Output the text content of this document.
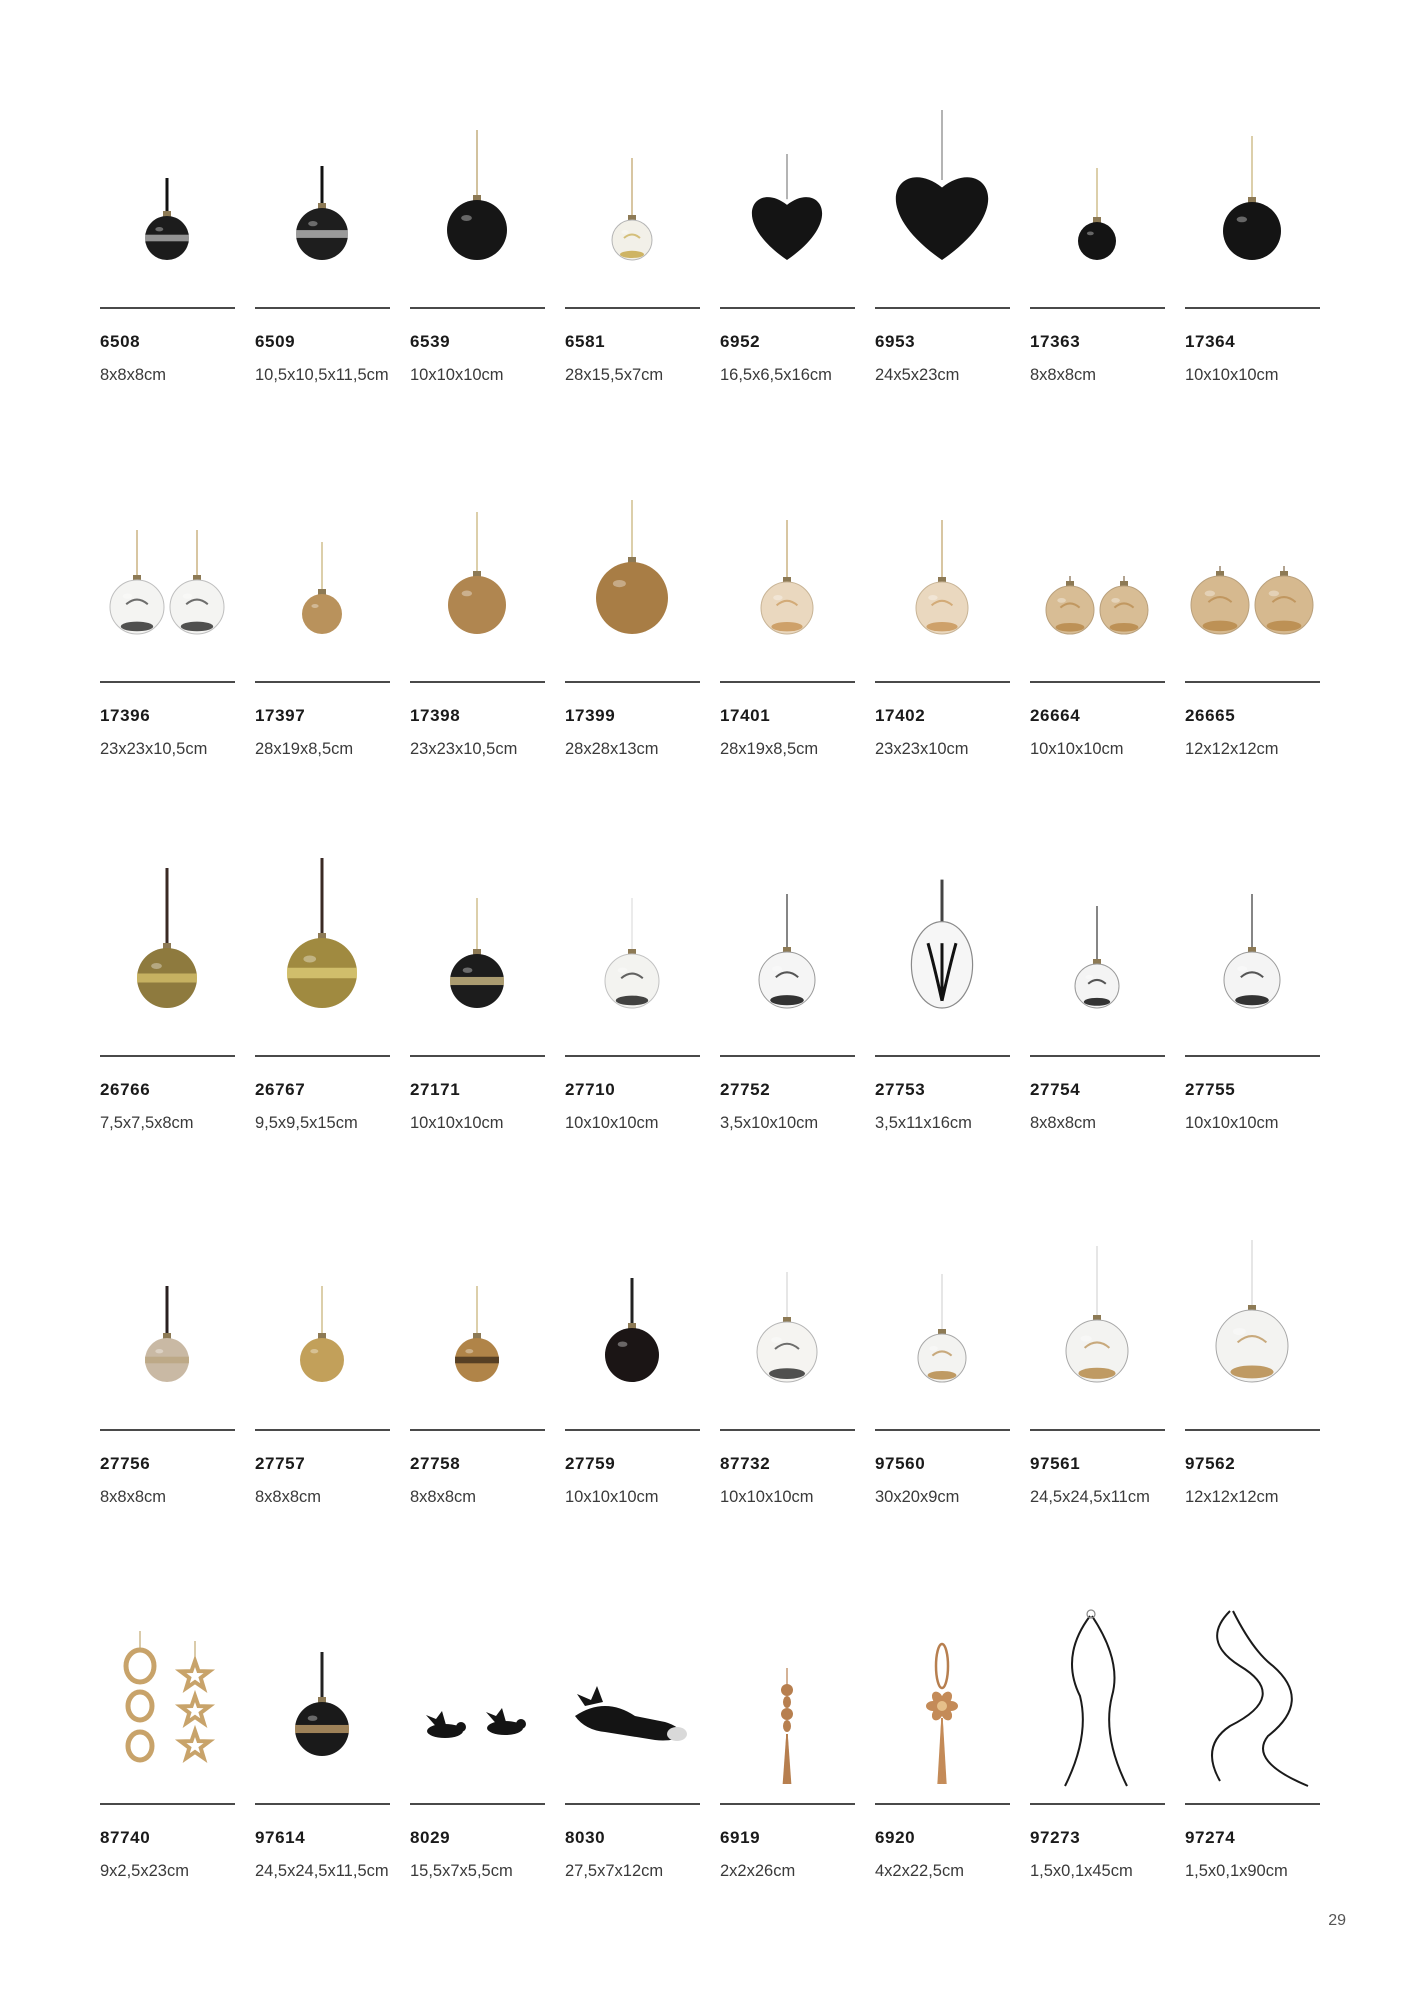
6508
8x8x8cm
6509
10,5x10,5x11,5cm
6539
10x10x10cm
6581
28x15,5x7cm
6952
16,5x6,5x16cm
6953
24x5x23cm
17363
8x8x8cm
17364
10x10x10cm
17396
23x23x10,5cm
17397
28x19x8,5cm
17398
23x23x10,5cm
17399
28x28x13cm
17401
28x19x8,5cm
17402
23x23x10cm
26664
10x10x10cm
26665
12x12x12cm
26766
7,5x7,5x8cm
26767
9,5x9,5x15cm
27171
10x10x10cm
27710
10x10x10cm
27752
3,5x10x10cm
27753
3,5x11x16cm
27754
8x8x8cm
27755
10x10x10cm
27756
8x8x8cm
27757
8x8x8cm
27758
8x8x8cm
27759
10x10x10cm
87732
10x10x10cm
97560
30x20x9cm
97561
24,5x24,5x11cm
97562
12x12x12cm
87740
9x2,5x23cm
97614
24,5x24,5x11,5cm
8029
15,5x7x5,5cm
8030
27,5x7x12cm
6919
2x2x26cm
6920
4x2x22,5cm
97273
1,5x0,1x45cm
97274
1,5x0,1x90cm
29
